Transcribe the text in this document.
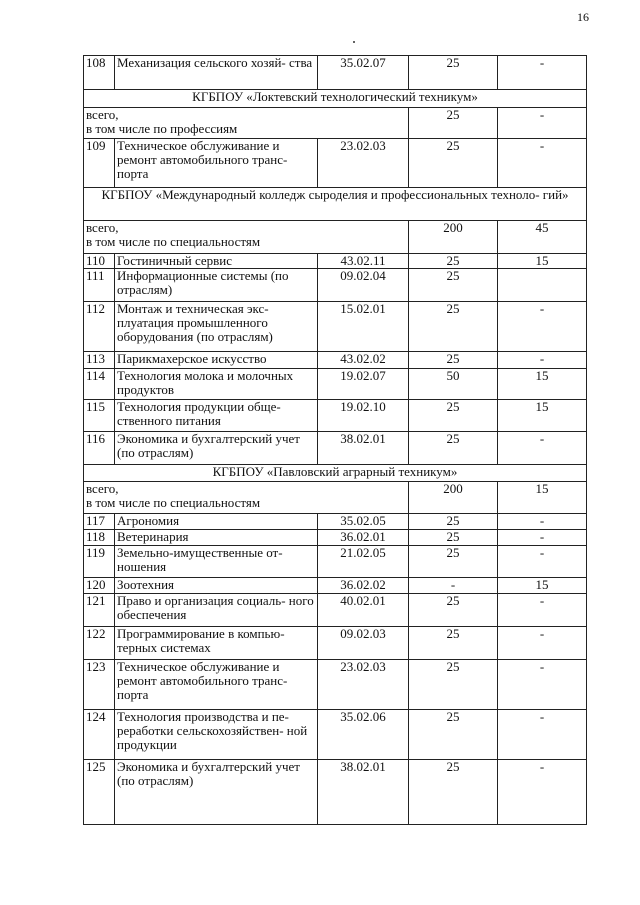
16
108	Механизация сельского хозяй- ства	35.02.07	25	-
КГБПОУ «Локтевский технологический техникум»				

всего,
в том числе по профессиям			25	-
109	Техническое обслуживание и ремонт автомобильного транс- порта	23.02.03	25	-
КГБПОУ «Международный колледж сыроделия и профессиональных техноло- гий»				

всего,
в том числе по специальностям			200	45
110	Гостиничный сервис	43.02.11	25	15
111	Информационные системы (по отраслям)	09.02.04	25	
112	Монтаж и техническая экс- плуатация промышленного оборудования (по отраслям)	15.02.01	25	-
113	Парикмахерское искусство	43.02.02	25	-
114	Технология молока и молочных продуктов	19.02.07	50	15
115	Технология продукции обще- ственного питания	19.02.10	25	15
116	Экономика и бухгалтерский учет (по отраслям)	38.02.01	25	-
КГБПОУ «Павловский аграрный техникум»				

всего,
в том числе по специальностям			200	15
117	Агрономия	35.02.05	25	-
118	Ветеринария	36.02.01	25	-
119	Земельно-имущественные от- ношения	21.02.05	25	-
120	Зоотехния	36.02.02	-	15
121	Право и организация социаль- ного обеспечения	40.02.01	25	-
122	Программирование в компью- терных системах	09.02.03	25	-
123	Техническое обслуживание и ремонт автомобильного транс- порта	23.02.03	25	-
124	Технология производства и пе- реработки сельскохозяйствен- ной продукции	35.02.06	25	-
125	Экономика и бухгалтерский учет (по отраслям)	38.02.01	25	-
